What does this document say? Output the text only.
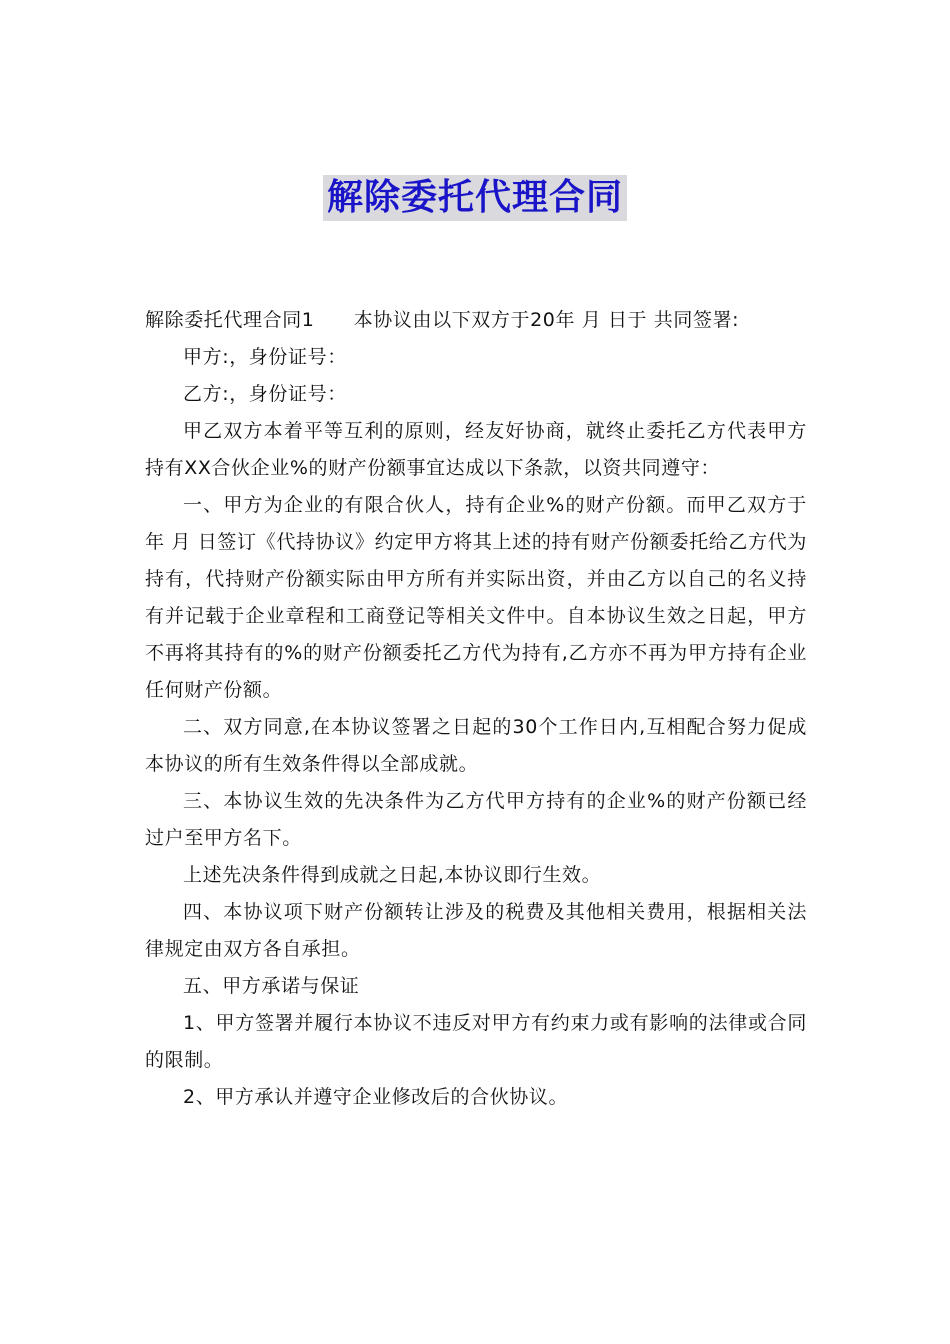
解除委托代理合同

解除委托代理合同1　　本协议由以下双方于20年 月 日于 共同签署:

甲方:，身份证号：

乙方:，身份证号：

甲乙双方本着平等互利的原则，经友好协商，就终止委托乙方代表甲方持有XX合伙企业%的财产份额事宜达成以下条款，以资共同遵守：

一、甲方为企业的有限合伙人，持有企业%的财产份额。而甲乙双方于 年 月 日签订《代持协议》约定甲方将其上述的持有财产份额委托给乙方代为持有，代持财产份额实际由甲方所有并实际出资，并由乙方以自己的名义持有并记载于企业章程和工商登记等相关文件中。自本协议生效之日起，甲方不再将其持有的%的财产份额委托乙方代为持有,乙方亦不再为甲方持有企业任何财产份额。

二、双方同意,在本协议签署之日起的30个工作日内,互相配合努力促成本协议的所有生效条件得以全部成就。

三、本协议生效的先决条件为乙方代甲方持有的企业%的财产份额已经过户至甲方名下。

上述先决条件得到成就之日起,本协议即行生效。

四、本协议项下财产份额转让涉及的税费及其他相关费用，根据相关法律规定由双方各自承担。

五、甲方承诺与保证

1、甲方签署并履行本协议不违反对甲方有约束力或有影响的法律或合同的限制。

2、甲方承认并遵守企业修改后的合伙协议。
